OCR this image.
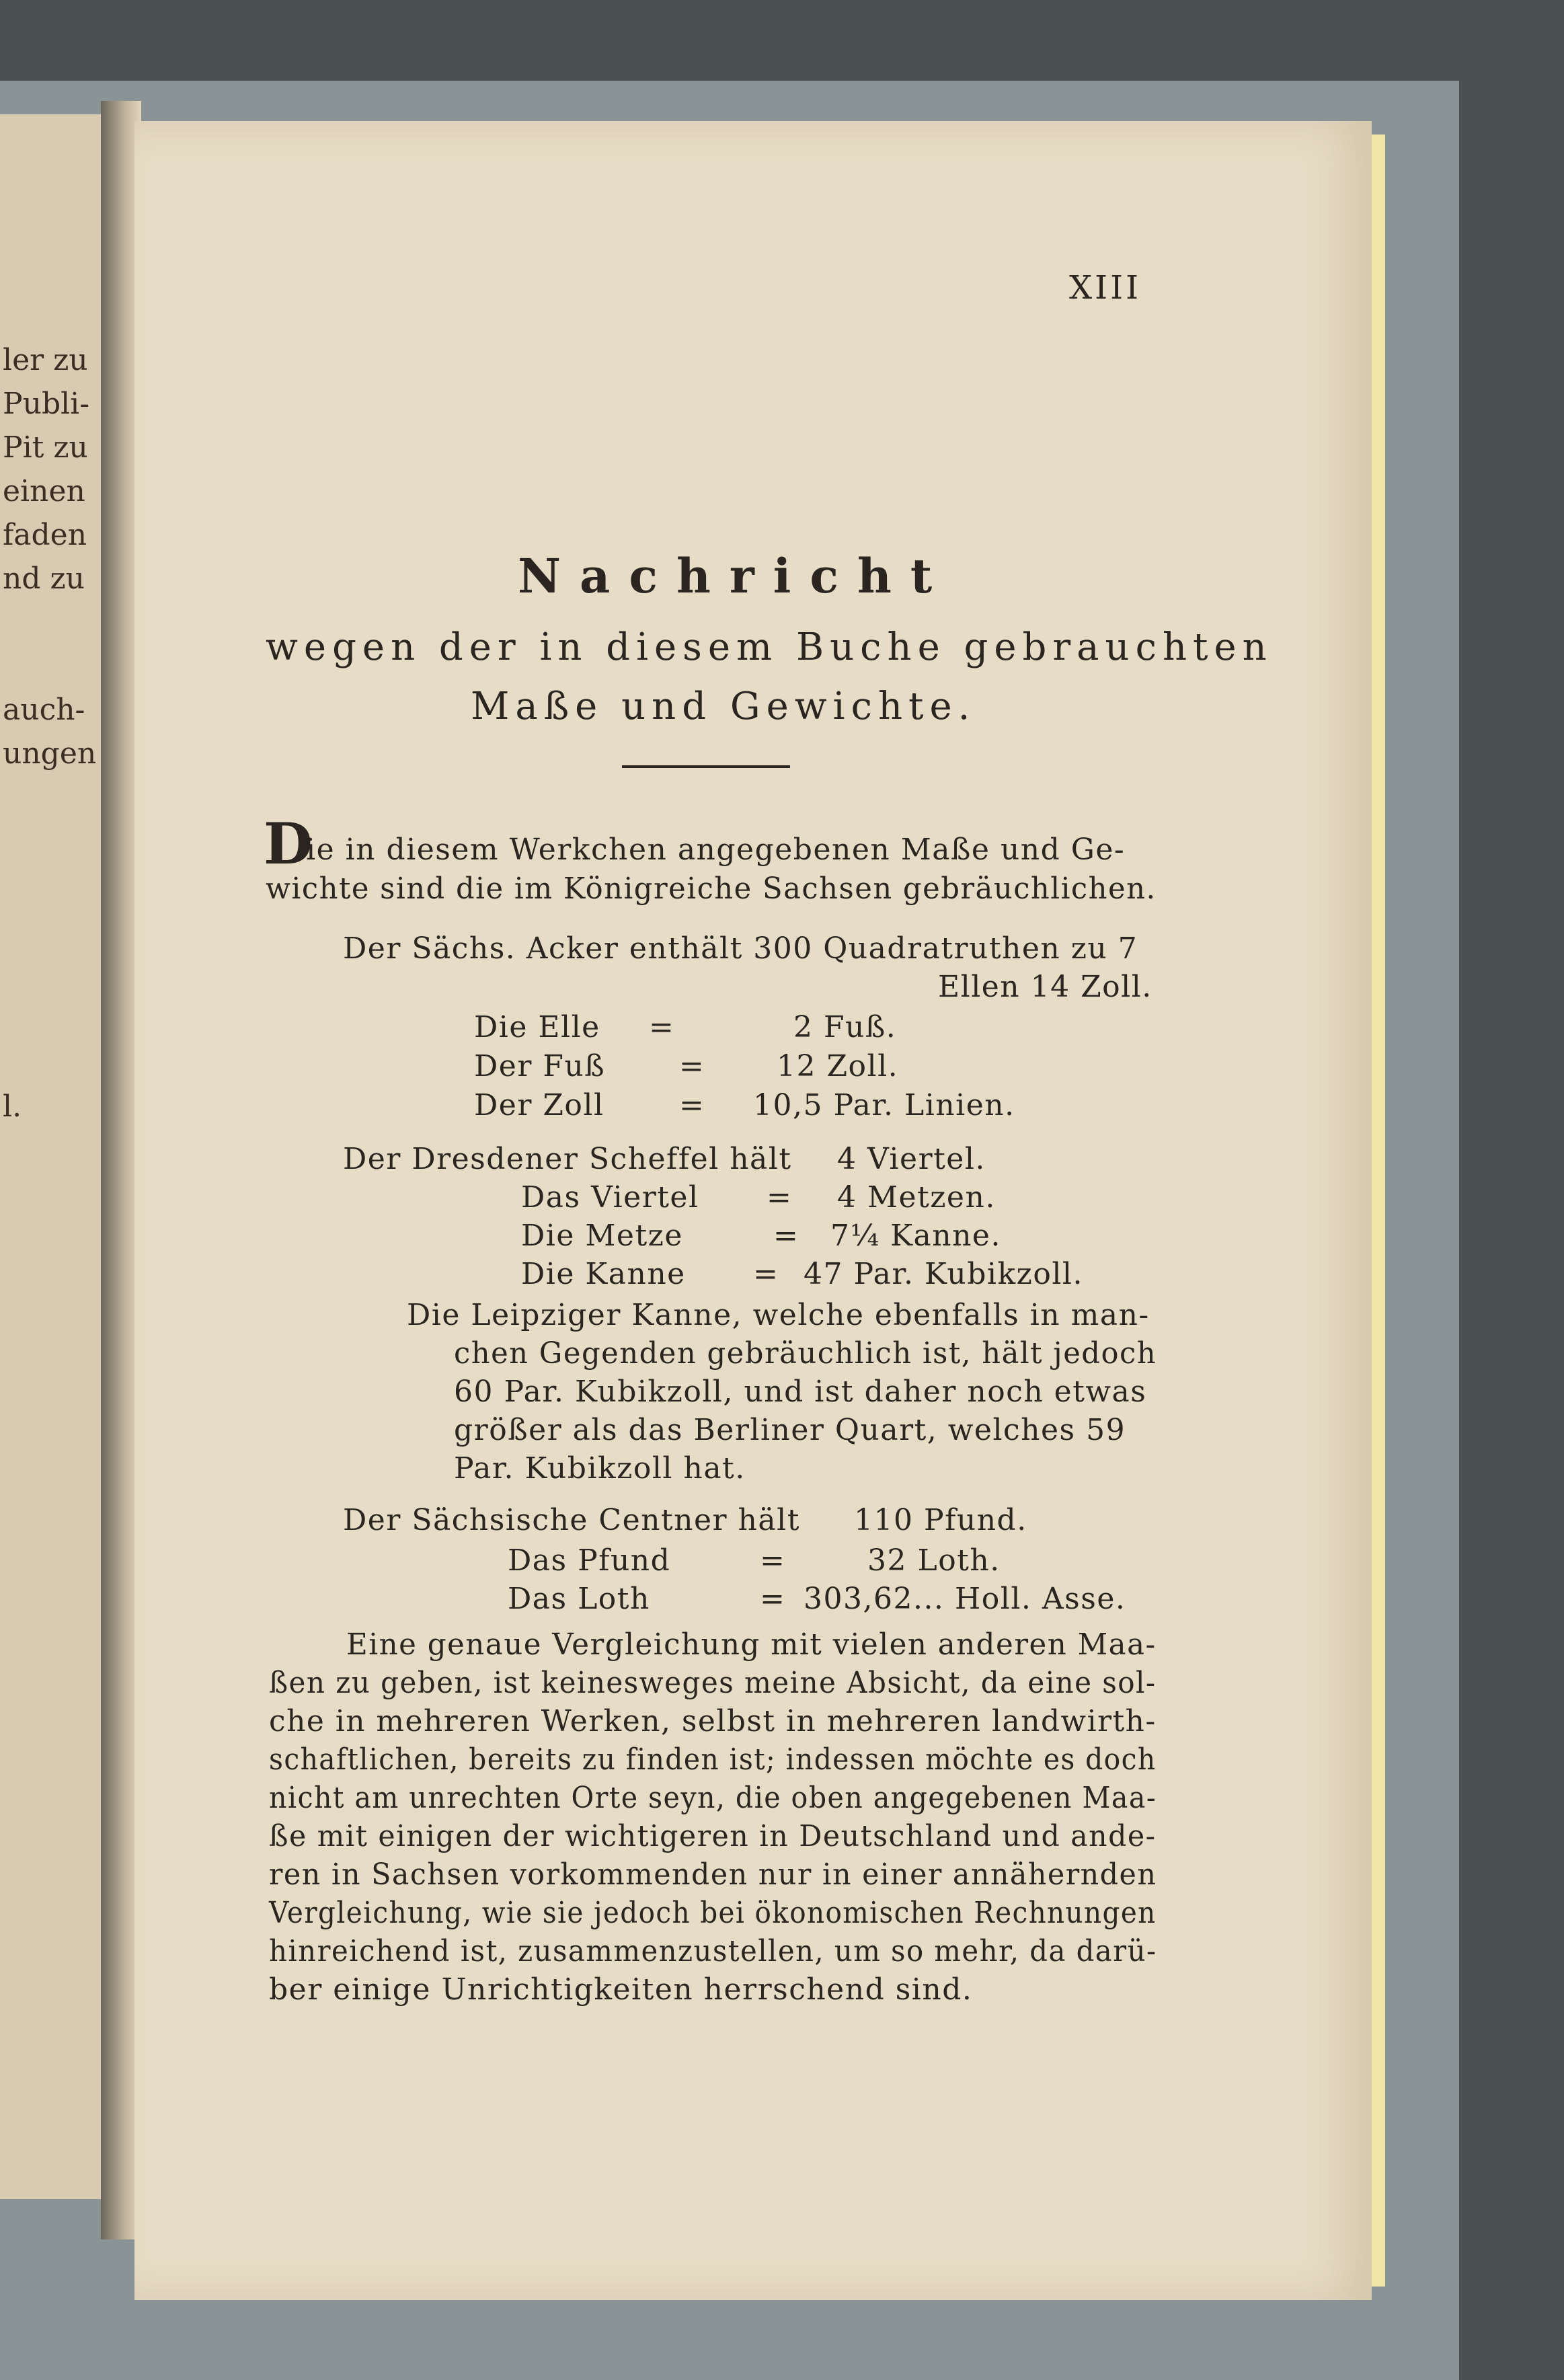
ler zu
Publi-
Pit zu
einen
faden
nd zu
auch-
ungen
l.
XIII
Nachricht
wegen der in diesem Buche gebrauchten
Maße und Gewichte.
D
ie in diesem Werkchen angegebenen Maße und Ge-
wichte sind die im Königreiche Sachsen gebräuchlichen.
Der Sächs. Acker enthält 300 Quadratruthen zu 7
Ellen 14 Zoll.
Die Elle =	2 Fuß.
Der Fuß = 12 Zoll.
Der Zoll	= 10,5 Par. Linien.
Der Dresdener Scheffel hält 4 Viertel.
Das Viertel = 4 Metzen.
Die Metze	= 7¼ Kanne.
Die Kanne = 47 Par. Kubikzoll.
Die Leipziger Kanne, welche ebenfalls in man-
chen Gegenden gebräuchlich ist, hält jedoch
60 Par. Kubikzoll, und ist daher noch etwas
größer als das Berliner Quart, welches 59
Par. Kubikzoll hat.
Der Sächsische Centner hält 110 Pfund.
Das Pfund	=	32 Loth.
Das Loth	= 303,62... Holl. Asse.
Eine genaue Vergleichung mit vielen anderen Maa-
ßen zu geben, ist keinesweges meine Absicht, da eine sol-
che in mehreren Werken, selbst in mehreren landwirth-
schaftlichen, bereits zu finden ist; indessen möchte es doch
nicht am unrechten Orte seyn, die oben angegebenen Maa-
ße mit einigen der wichtigeren in Deutschland und ande-
ren in Sachsen vorkommenden nur in einer annähernden
Vergleichung, wie sie jedoch bei ökonomischen Rechnungen
hinreichend ist, zusammenzustellen, um so mehr, da darü-
ber einige Unrichtigkeiten herrschend sind.
